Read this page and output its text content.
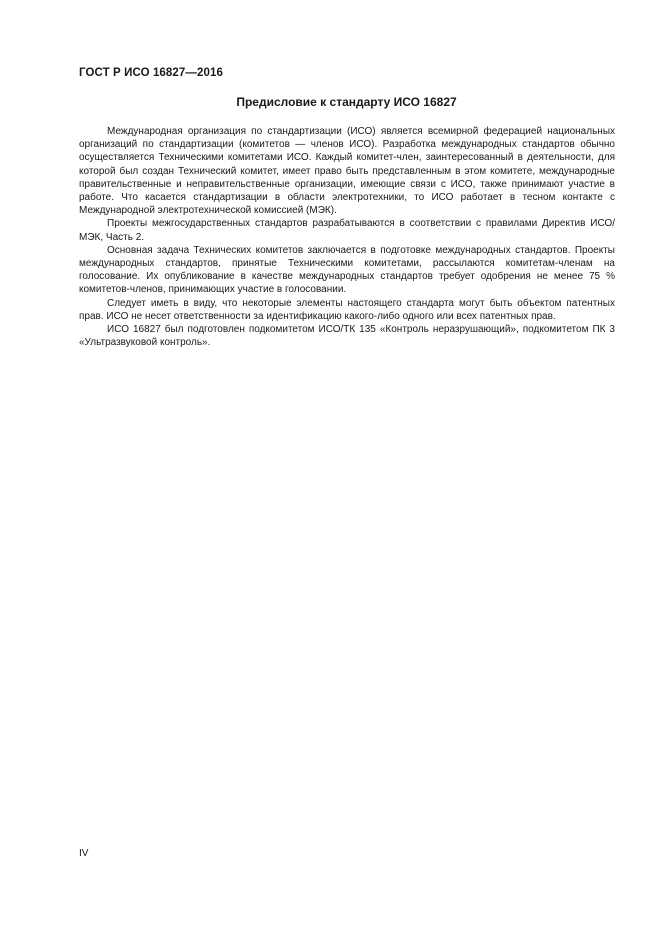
ГОСТ Р ИСО 16827—2016
Предисловие к стандарту ИСО 16827

Международная организация по стандартизации (ИСО) является всемирной федерацией национальных организаций по стандартизации (комитетов — членов ИСО). Разработка международных стандартов обычно осуществляется Техническими комитетами ИСО. Каждый комитет-член, заинтересованный в деятельности, для которой был создан Технический комитет, имеет право быть представленным в этом комитете, международные правительственные и неправительственные организации, имеющие связи с ИСО, также принимают участие в работе. Что касается стандартизации в области электротехники, то ИСО работает в тесном контакте с Международной электротехнической комиссией (МЭК).

Проекты межгосударственных стандартов разрабатываются в соответствии с правилами Директив ИСО/МЭК, Часть 2.

Основная задача Технических комитетов заключается в подготовке международных стандартов. Проекты международных стандартов, принятые Техническими комитетами, рассылаются комитетам-членам на голосование. Их опубликование в качестве международных стандартов требует одобрения не менее 75 % комитетов-членов, принимающих участие в голосовании.

Следует иметь в виду, что некоторые элементы настоящего стандарта могут быть объектом патентных прав. ИСО не несет ответственности за идентификацию какого-либо одного или всех патентных прав.

ИСО 16827 был подготовлен подкомитетом ИСО/ТК 135 «Контроль неразрушающий», подкомитетом ПК 3 «Ультразвуковой контроль».

IV
